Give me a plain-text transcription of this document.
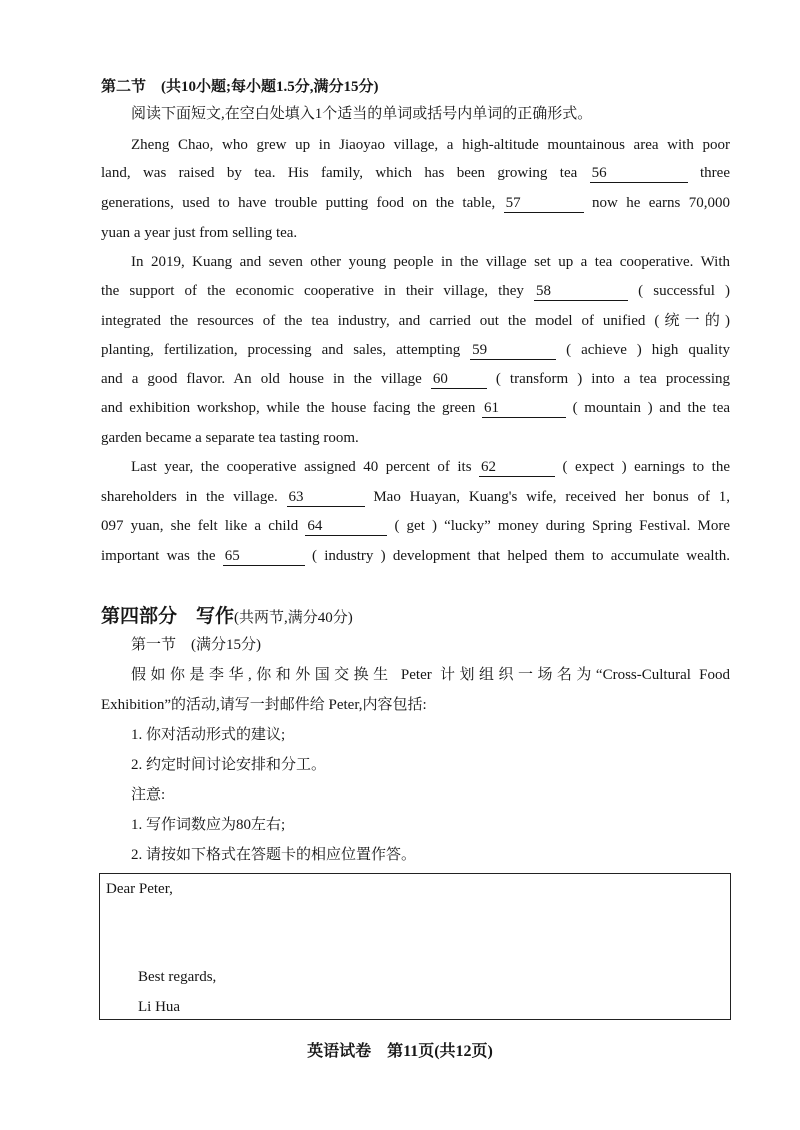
第二节　(共10小题;每小题1.5分,满分15分)
阅读下面短文,在空白处填入1个适当的单词或括号内单词的正确形式。
Zheng Chao, who grew up in Jiaoyao village, a high-altitude mountainous area with poor
land, was raised by tea. His family, which has been growing tea 56	three
generations, used to have trouble putting food on the table, 57	now he earns 70,000
yuan a year just from selling tea.
In 2019, Kuang and seven other young people in the village set up a tea cooperative. With
the support of the economic cooperative in their village, they 58	( successful )
integrated the resources of the tea industry, and carried out the model of unified (统一的)
planting, fertilization, processing and sales, attempting 59	( achieve ) high quality
and a good flavor. An old house in the village 60	( transform ) into a tea processing
and exhibition workshop, while the house facing the green 61	( mountain ) and the tea
garden became a separate tea tasting room.
Last year, the cooperative assigned 40 percent of its 62	( expect ) earnings to the
shareholders in the village. 63	Mao Huayan, Kuang's wife, received her bonus of 1,
097 yuan, she felt like a child 64	( get ) “lucky” money during Spring Festival. More
important was the 65	( industry ) development that helped them to accumulate wealth.
第四部分　写作(共两节,满分40分)
第一节　(满分15分)
假如你是李华,你和外国交换生 Peter 计划组织一场名为“Cross-Cultural Food
Exhibition”的活动,请写一封邮件给 Peter,内容包括:
1. 你对活动形式的建议;
2. 约定时间讨论安排和分工。
注意:
1. 写作词数应为80左右;
2. 请按如下格式在答题卡的相应位置作答。
Dear Peter,
Best regards,
Li Hua
英语试卷　第11页(共12页)
